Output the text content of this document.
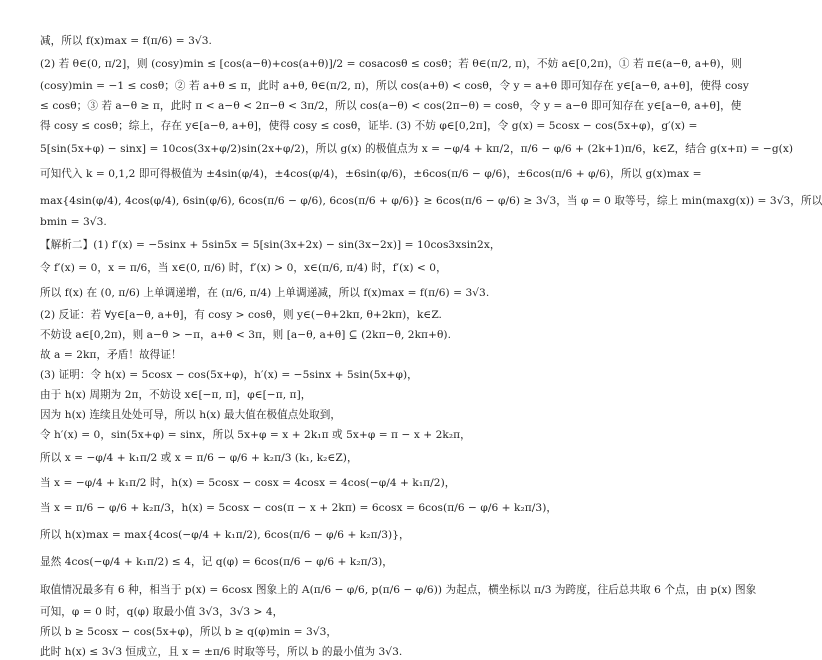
减，所以 f(x)max = f(π/6) = 3√3.
(2) 若 θ∈(0, π/2]，则 (cosy)min ≤ [cos(a−θ)+cos(a+θ)]/2 = cosacosθ ≤ cosθ；若 θ∈(π/2, π)，不妨 a∈[0,2π)，① 若 π∈(a−θ, a+θ)，则
(cosy)min = −1 ≤ cosθ；② 若 a+θ ≤ π，此时 a+θ, θ∈(π/2, π)，所以 cos(a+θ) < cosθ，令 y = a+θ 即可知存在 y∈[a−θ, a+θ]，使得 cosy
≤ cosθ；③ 若 a−θ ≥ π，此时 π < a−θ < 2π−θ < 3π/2，所以 cos(a−θ) < cos(2π−θ) = cosθ，令 y = a−θ 即可知存在 y∈[a−θ, a+θ]，使
得 cosy ≤ cosθ；综上，存在 y∈[a−θ, a+θ]，使得 cosy ≤ cosθ，证毕. (3) 不妨 φ∈[0,2π]，令 g(x) = 5cosx − cos(5x+φ)，g′(x) =
5[sin(5x+φ) − sinx] = 10cos(3x+φ/2)sin(2x+φ/2)，所以 g(x) 的极值点为 x = −φ/4 + kπ/2，π/6 − φ/6 + (2k+1)π/6，k∈Z，结合 g(x+π) = −g(x)
可知代入 k = 0,1,2 即可得极值为 ±4sin(φ/4)，±4cos(φ/4)，±6sin(φ/6)，±6cos(π/6 − φ/6)，±6cos(π/6 + φ/6)，所以 g(x)max =
max{4sin(φ/4), 4cos(φ/4), 6sin(φ/6), 6cos(π/6 − φ/6), 6cos(π/6 + φ/6)} ≥ 6cos(π/6 − φ/6) ≥ 3√3，当 φ = 0 取等号，综上 min(maxg(x)) = 3√3，所以
bmin = 3√3.
【解析二】(1) f′(x) = −5sinx + 5sin5x = 5[sin(3x+2x) − sin(3x−2x)] = 10cos3xsin2x，
令 f′(x) = 0，x = π/6，当 x∈(0, π/6) 时，f′(x) > 0，x∈(π/6, π/4) 时，f′(x) < 0，
所以 f(x) 在 (0, π/6) 上单调递增，在 (π/6, π/4) 上单调递减，所以 f(x)max = f(π/6) = 3√3.
(2) 反证：若 ∀y∈[a−θ, a+θ]，有 cosy > cosθ，则 y∈(−θ+2kπ, θ+2kπ)，k∈Z.
不妨设 a∈[0,2π)，则 a−θ > −π，a+θ < 3π，则 [a−θ, a+θ] ⊆ (2kπ−θ, 2kπ+θ).
故 a = 2kπ，矛盾！故得证！
(3) 证明：令 h(x) = 5cosx − cos(5x+φ)，h′(x) = −5sinx + 5sin(5x+φ)，
由于 h(x) 周期为 2π，不妨设 x∈[−π, π]，φ∈[−π, π]，
因为 h(x) 连续且处处可导，所以 h(x) 最大值在极值点处取到，
令 h′(x) = 0，sin(5x+φ) = sinx，所以 5x+φ = x + 2k₁π 或 5x+φ = π − x + 2k₂π，
所以 x = −φ/4 + k₁π/2 或 x = π/6 − φ/6 + k₂π/3 (k₁, k₂∈Z)，
当 x = −φ/4 + k₁π/2 时，h(x) = 5cosx − cosx = 4cosx = 4cos(−φ/4 + k₁π/2)，
当 x = π/6 − φ/6 + k₂π/3，h(x) = 5cosx − cos(π − x + 2kπ) = 6cosx = 6cos(π/6 − φ/6 + k₂π/3)，
所以 h(x)max = max{4cos(−φ/4 + k₁π/2), 6cos(π/6 − φ/6 + k₂π/3)}，
显然 4cos(−φ/4 + k₁π/2) ≤ 4，记 q(φ) = 6cos(π/6 − φ/6 + k₂π/3)，
取值情况最多有 6 种，相当于 p(x) = 6cosx 图象上的 A(π/6 − φ/6, p(π/6 − φ/6)) 为起点，横坐标以 π/3 为跨度，往后总共取 6 个点，由 p(x) 图象
可知，φ = 0 时，q(φ) 取最小值 3√3，3√3 > 4，
所以 b ≥ 5cosx − cos(5x+φ)，所以 b ≥ q(φ)min = 3√3，
此时 h(x) ≤ 3√3 恒成立，且 x = ±π/6 时取等号，所以 b 的最小值为 3√3.
